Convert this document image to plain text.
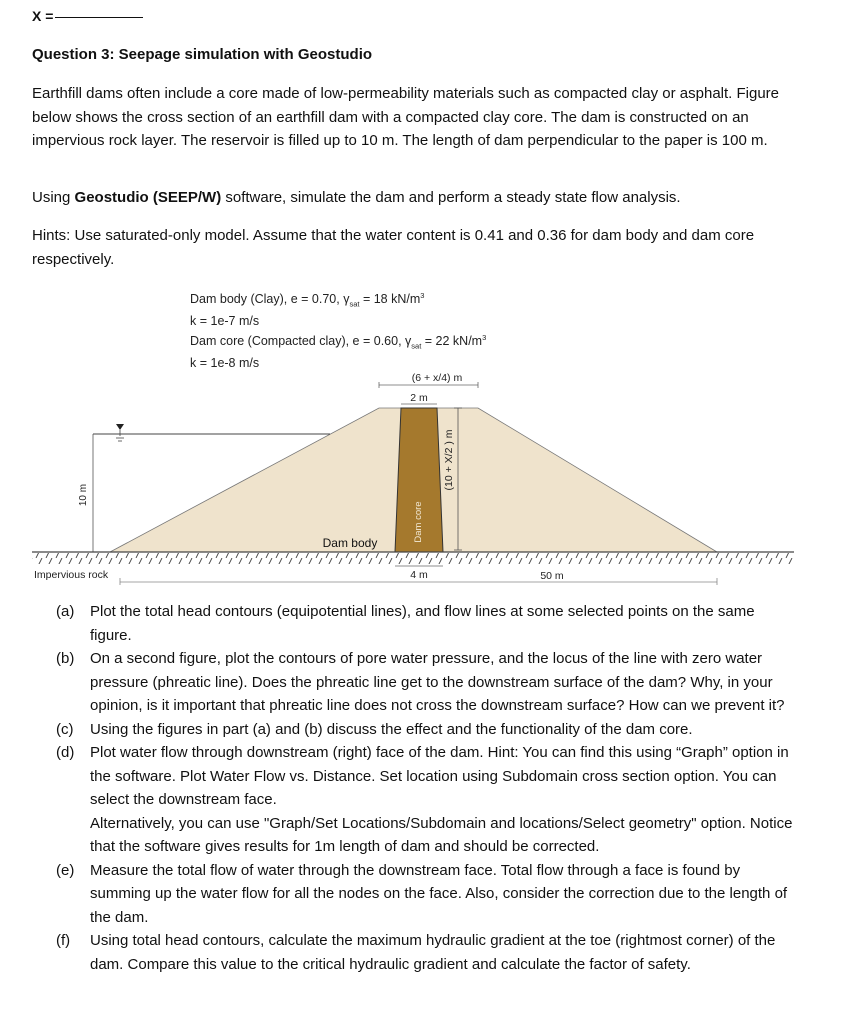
X =
Question 3: Seepage simulation with Geostudio

Earthfill dams often include a core made of low-permeability materials such as compacted clay or asphalt. Figure below shows the cross section of an earthfill dam with a compacted clay core. The dam is constructed on an impervious rock layer. The reservoir is filled up to 10 m. The length of dam perpendicular to the paper is 100 m.

Using Geostudio (SEEP/W) software, simulate the dam and perform a steady state flow analysis.

Hints: Use saturated-only model. Assume that the water content is 0.41 and 0.36 for dam body and dam core respectively.

Dam body (Clay), e = 0.70, $\gamma_{sat} = 18$ $kN/m^3$
k = 1e-7 m/s
Dam core (Compacted clay), e = 0.60, $\gamma_{sat} = 22$ $kN/m^3$
k = 1e-8 m/s
10 m
(6 + x/4) m
2 m
(10 + X/2 ) m
Dam body
Dam core
4 m	50 m
Impervious rock
(a) Plot the total head contours (equipotential lines), and flow lines at some selected points on the same figure.
(b) On a second figure, plot the contours of pore water pressure, and the locus of the line with zero water pressure (phreatic line). Does the phreatic line get to the downstream surface of the dam? Why, in your opinion, is it important that phreatic line does not cross the downstream surface? How can we prevent it?
(c) Using the figures in part (a) and (b) discuss the effect and the functionality of the dam core.
(d) Plot water flow through downstream (right) face of the dam. Hint: You can find this using “Graph” option in the software. Plot Water Flow vs. Distance. Set location using Subdomain cross section option. You can select the downstream face.
Alternatively, you can use "Graph/Set Locations/Subdomain and locations/Select geometry" option. Notice that the software gives results for 1m length of dam and should be corrected.
(e) Measure the total flow of water through the downstream face. Total flow through a face is found by summing up the water flow for all the nodes on the face. Also, consider the correction due to the length of the dam.
(f) Using total head contours, calculate the maximum hydraulic gradient at the toe (rightmost corner) of the dam. Compare this value to the critical hydraulic gradient and calculate the factor of safety.
